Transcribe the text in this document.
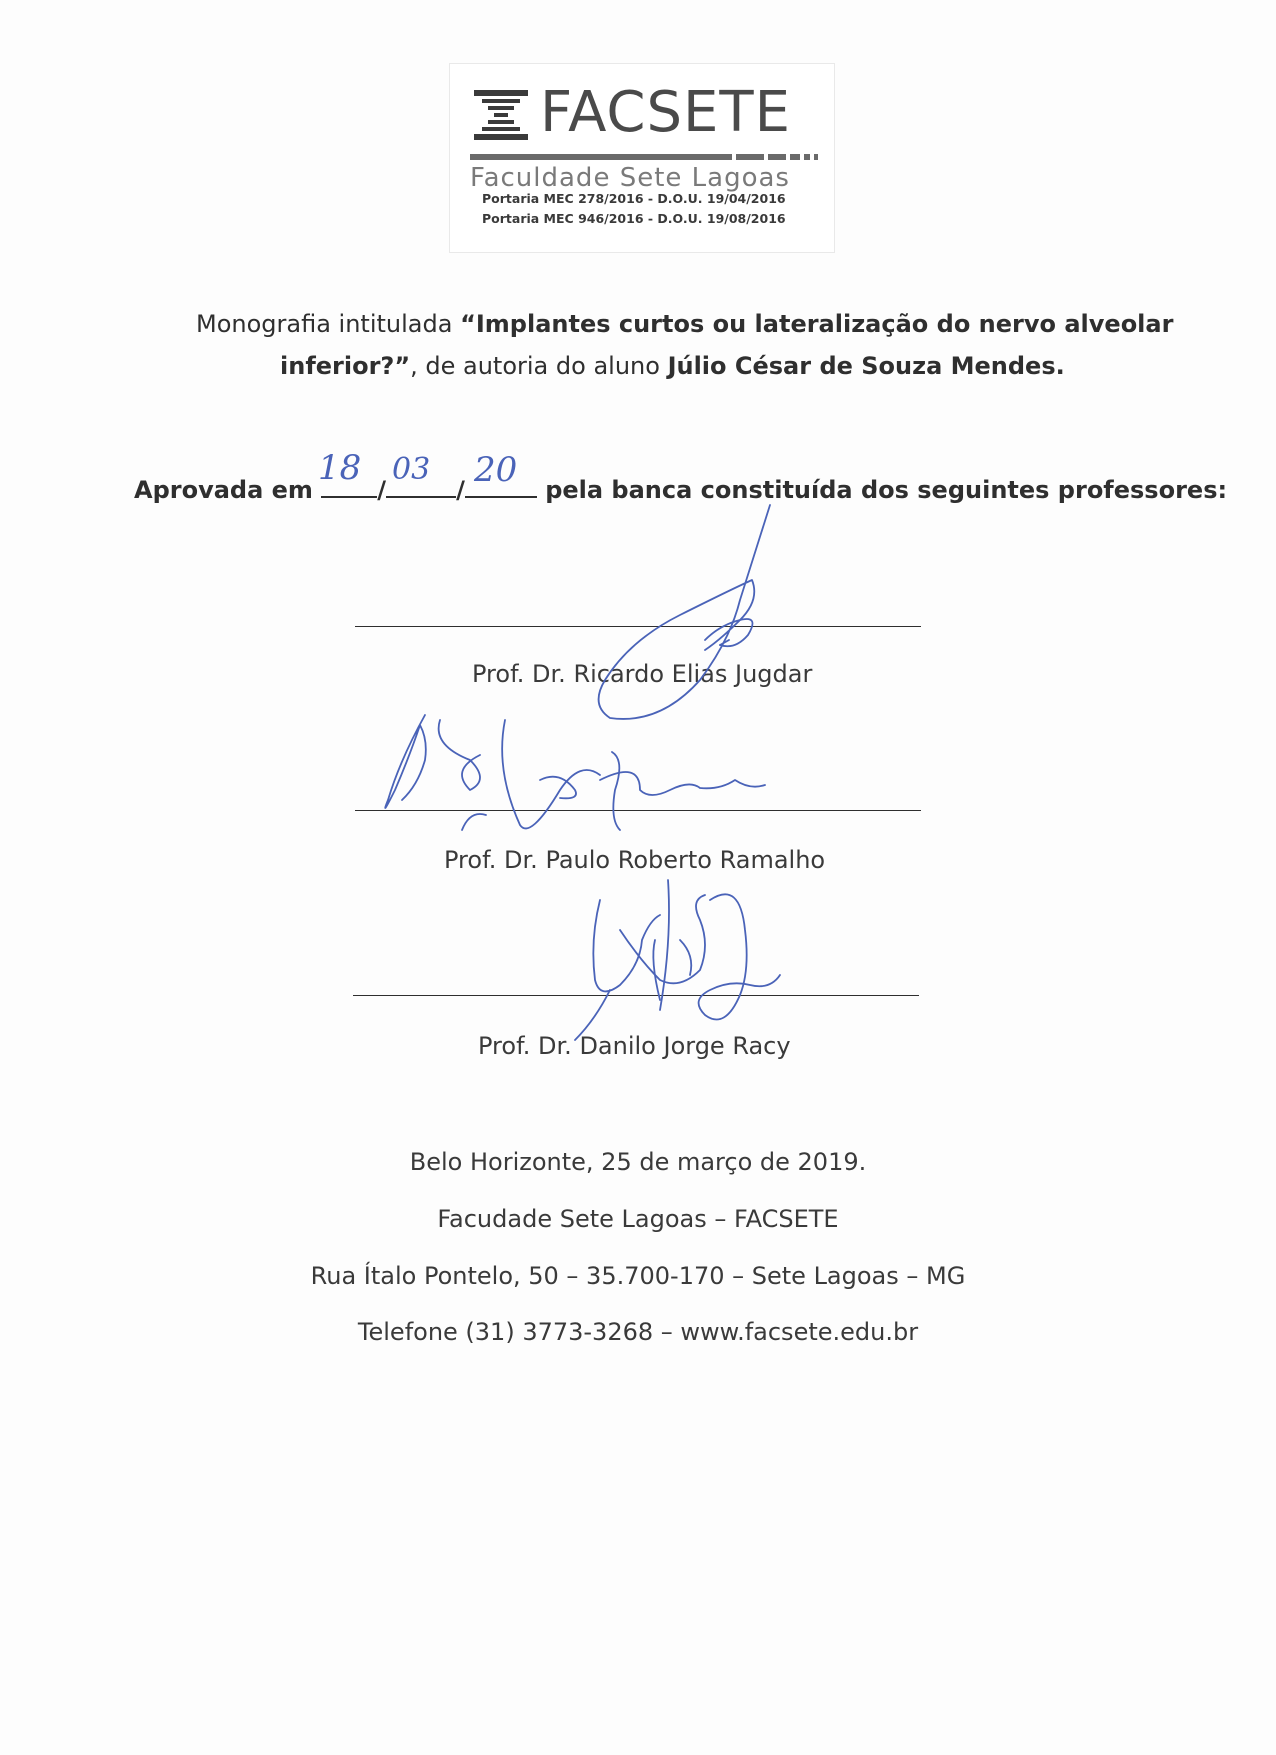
FACSETE
Faculdade Sete Lagoas
Portaria MEC 278/2016 - D.O.U. 19/04/2016
Portaria MEC 946/2016 - D.O.U. 19/08/2016
Monografia intitulada “Implantes curtos ou lateralização do nervo alveolar
inferior?”, de autoria do aluno Júlio César de Souza Mendes.
Aprovada em	/	/	pela banca constituída dos seguintes professores:
18 03 20
Prof. Dr. Ricardo Elias Jugdar
Prof. Dr. Paulo Roberto Ramalho
Prof. Dr. Danilo Jorge Racy
Belo Horizonte, 25 de março de 2019.
Facudade Sete Lagoas – FACSETE
Rua Ítalo Pontelo, 50 – 35.700-170 – Sete Lagoas – MG
Telefone (31) 3773-3268 – www.facsete.edu.br
